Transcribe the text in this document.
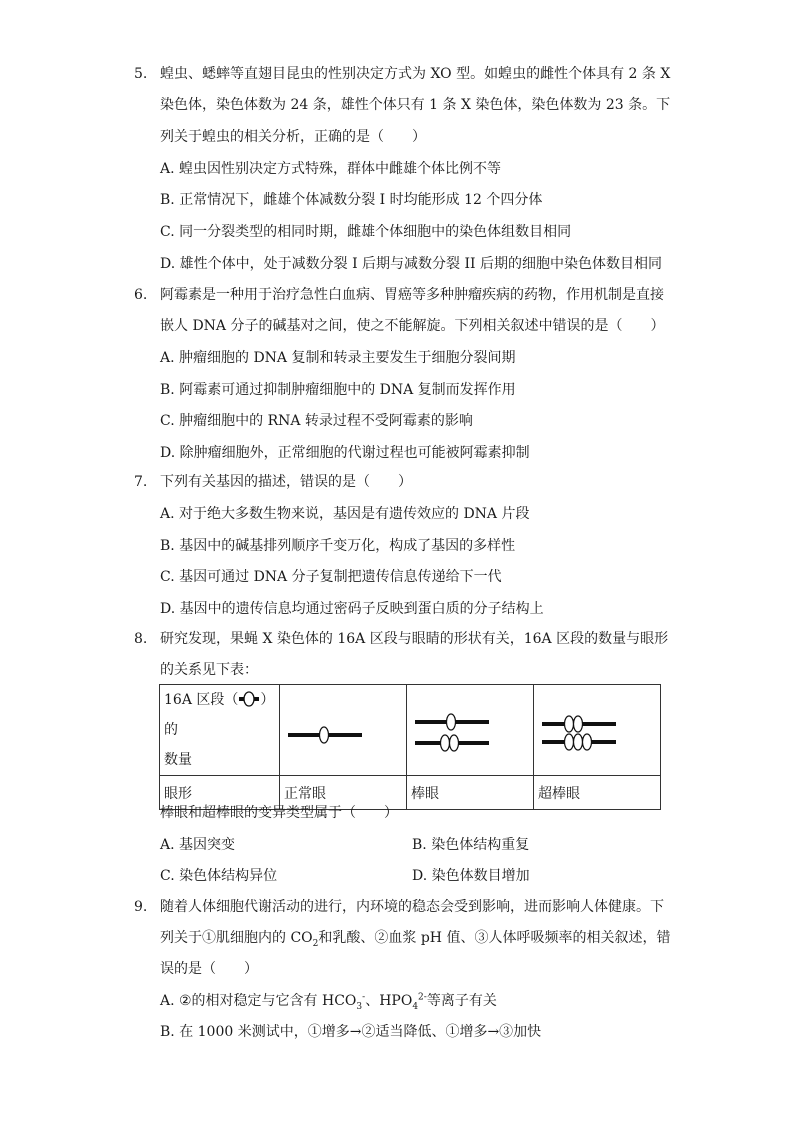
5. 蝗虫、蟋蟀等直翅目昆虫的性别决定方式为 XO 型。如蝗虫的雌性个体具有 2 条 X
染色体，染色体数为 24 条，雄性个体只有 1 条 X 染色体，染色体数为 23 条。下
列关于蝗虫的相关分析，正确的是（　　）
A. 蝗虫因性别决定方式特殊，群体中雌雄个体比例不等
B. 正常情况下，雌雄个体减数分裂 I 时均能形成 12 个四分体
C. 同一分裂类型的相同时期，雌雄个体细胞中的染色体组数目相同
D. 雄性个体中，处于减数分裂 I 后期与减数分裂 II 后期的细胞中染色体数目相同
6. 阿霉素是一种用于治疗急性白血病、胃癌等多种肿瘤疾病的药物，作用机制是直接
嵌人 DNA 分子的碱基对之间，使之不能解旋。下列相关叙述中错误的是（　　）
A. 肿瘤细胞的 DNA 复制和转录主要发生于细胞分裂间期
B. 阿霉素可通过抑制肿瘤细胞中的 DNA 复制而发挥作用
C. 肿瘤细胞中的 RNA 转录过程不受阿霉素的影响
D. 除肿瘤细胞外，正常细胞的代谢过程也可能被阿霉素抑制
7. 下列有关基因的描述，错误的是（　　）
A. 对于绝大多数生物来说，基因是有遗传效应的 DNA 片段
B. 基因中的碱基排列顺序千变万化，构成了基因的多样性
C. 基因可通过 DNA 分子复制把遗传信息传递给下一代
D. 基因中的遗传信息均通过密码子反映到蛋白质的分子结构上
8. 研究发现，果蝇 X 染色体的 16A 区段与眼睛的形状有关，16A 区段的数量与眼形
的关系见下表：
16A 区段（ ）的
数量			
眼形	正常眼	棒眼	超棒眼
棒眼和超棒眼的变异类型属于（　　）
A. 基因突变	B. 染色体结构重复
C. 染色体结构异位	D. 染色体数目增加
9. 随着人体细胞代谢活动的进行，内环境的稳态会受到影响，进而影响人体健康。下
列关于①肌细胞内的 $CO_2$和乳酸、②血浆 pH 值、③人体呼吸频率的相关叙述，错
误的是（　　）
A. ②的相对稳定与它含有 $HCO_3^-$、$HPO_4^{2-}$等离子有关
B. 在 1000 米测试中，①增多→②适当降低、①增多→③加快
